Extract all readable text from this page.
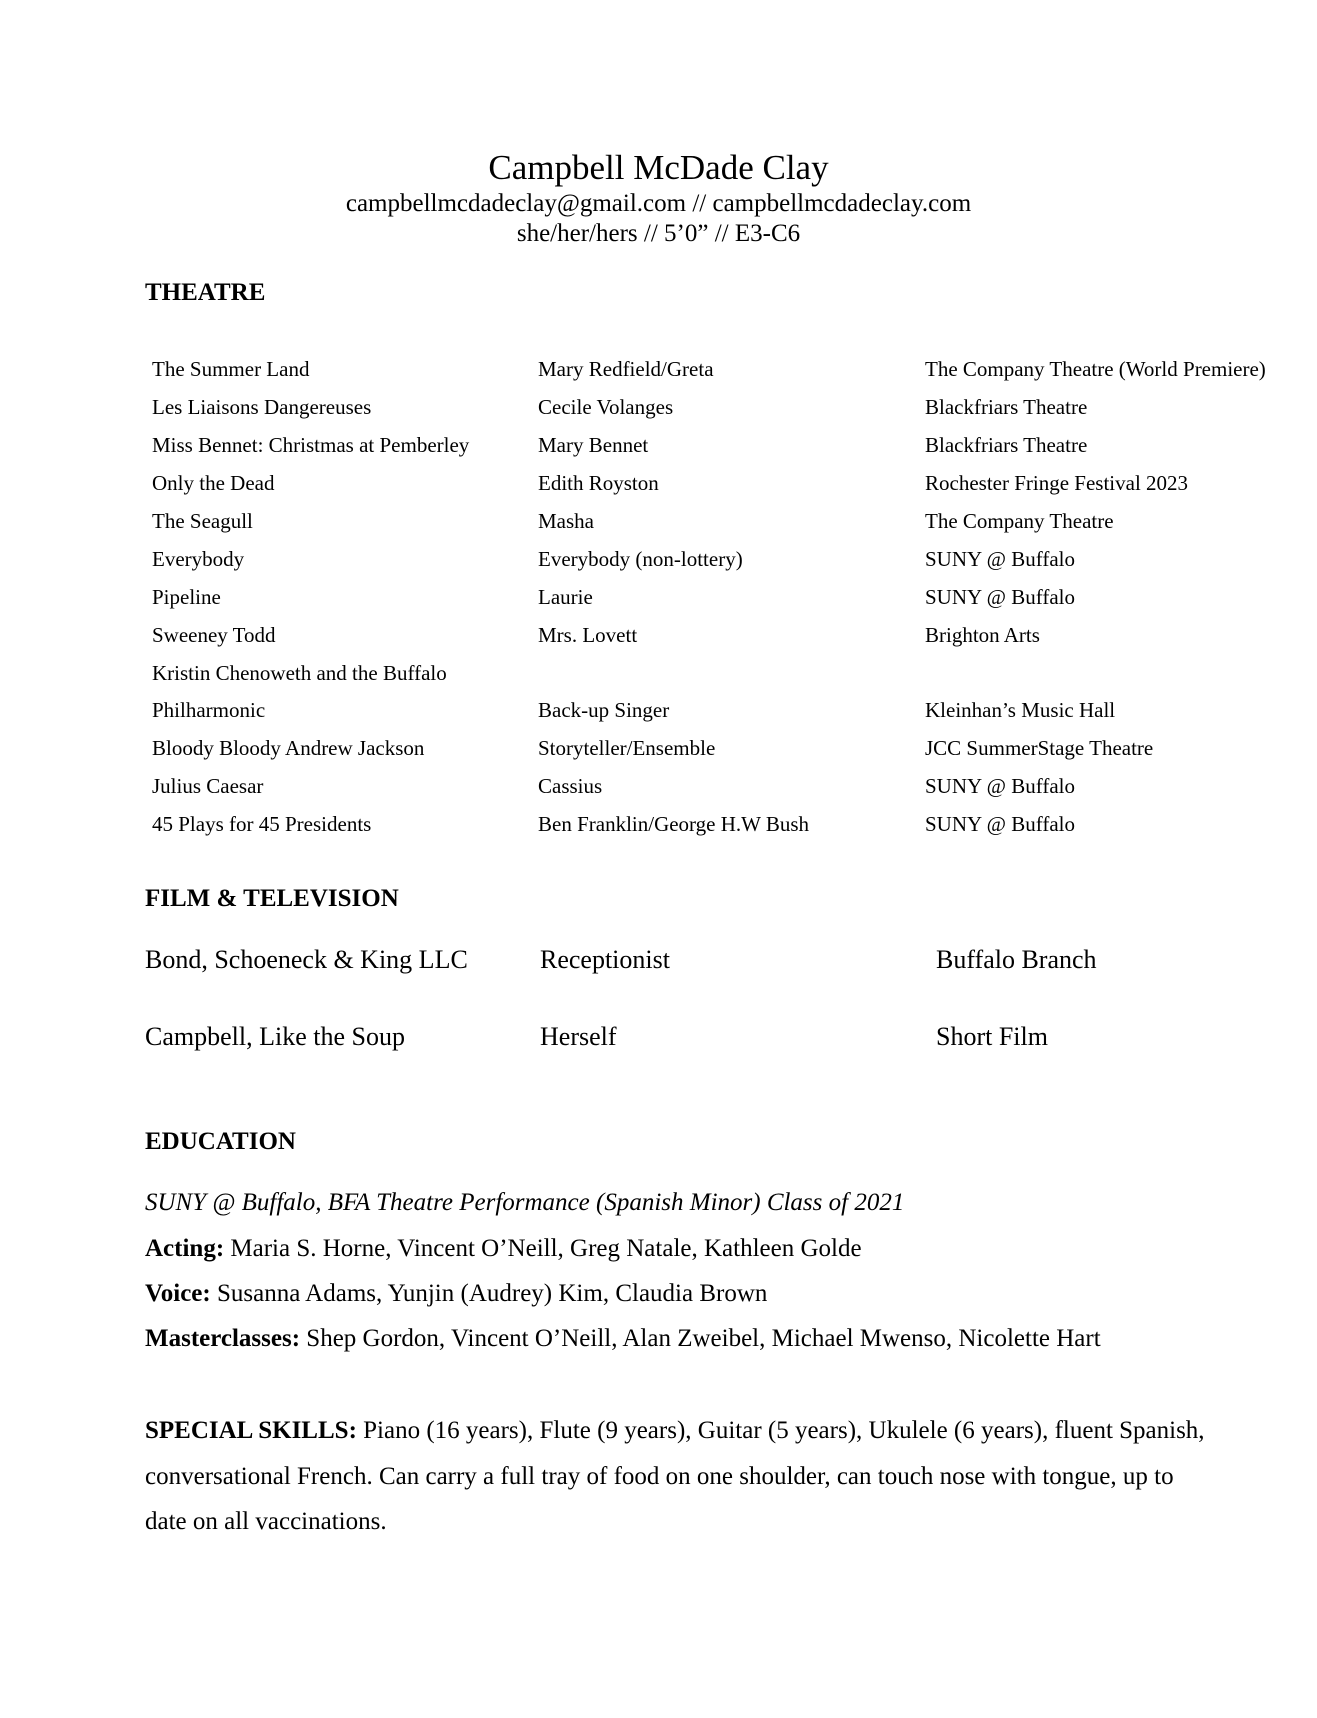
Campbell McDade Clay
campbellmcdadeclay@gmail.com // campbellmcdadeclay.com
she/her/hers // 5’0” // E3-C6
THEATRE
The Summer Land	Mary Redfield/Greta	The Company Theatre (World Premiere)
Les Liaisons Dangereuses	Cecile Volanges	Blackfriars Theatre
Miss Bennet: Christmas at Pemberley	Mary Bennet	Blackfriars Theatre
Only the Dead	Edith Royston	Rochester Fringe Festival 2023
The Seagull	Masha	The Company Theatre
Everybody	Everybody (non-lottery)	SUNY @ Buffalo
Pipeline	Laurie	SUNY @ Buffalo
Sweeney Todd	Mrs. Lovett	Brighton Arts
Kristin Chenoweth and the Buffalo
Philharmonic	Back-up Singer	Kleinhan’s Music Hall
Bloody Bloody Andrew Jackson	Storyteller/Ensemble	JCC SummerStage Theatre
Julius Caesar	Cassius	SUNY @ Buffalo
45 Plays for 45 Presidents	Ben Franklin/George H.W Bush	SUNY @ Buffalo
FILM & TELEVISION
Bond, Schoeneck & King LLC	Receptionist	Buffalo Branch
Campbell, Like the Soup	Herself	Short Film
EDUCATION
SUNY @ Buffalo, BFA Theatre Performance (Spanish Minor) Class of 2021
Acting: Maria S. Horne, Vincent O’Neill, Greg Natale, Kathleen Golde
Voice: Susanna Adams, Yunjin (Audrey) Kim, Claudia Brown
Masterclasses: Shep Gordon, Vincent O’Neill, Alan Zweibel, Michael Mwenso, Nicolette Hart
SPECIAL SKILLS: Piano (16 years), Flute (9 years), Guitar (5 years), Ukulele (6 years), fluent Spanish, conversational French. Can carry a full tray of food on one shoulder, can touch nose with tongue, up to date on all vaccinations.
